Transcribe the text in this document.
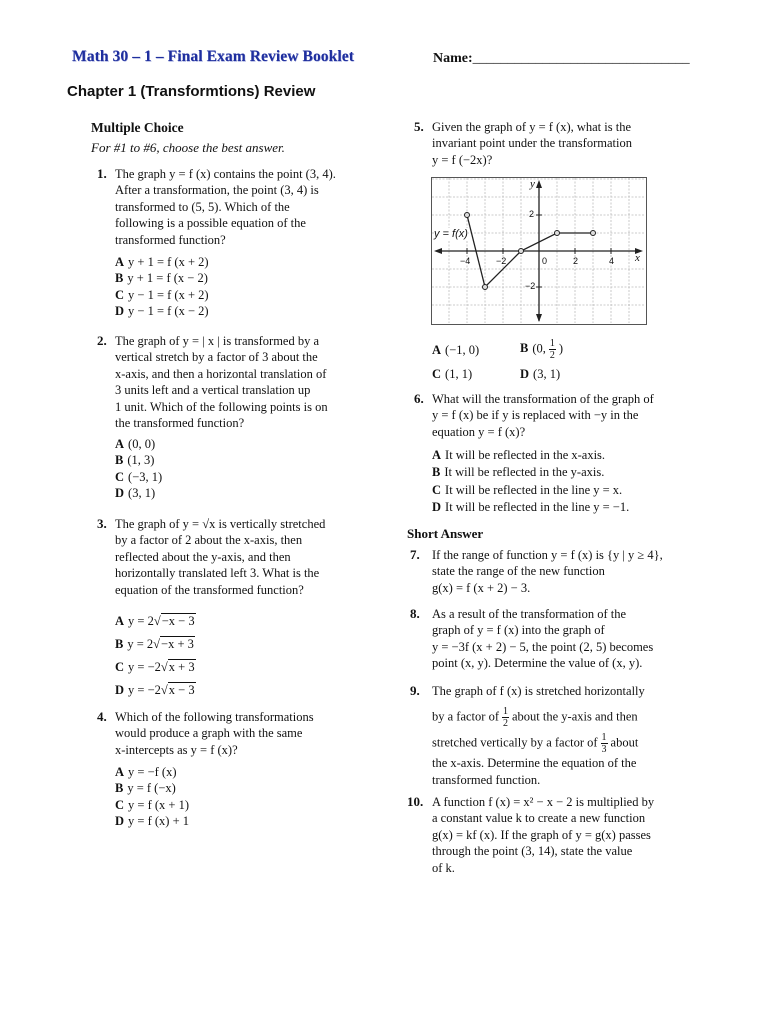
Math 30 – 1 – Final Exam Review Booklet	Name:_______________________________
Chapter 1 (Transformtions) Review
Multiple Choice
For #1 to #6, choose the best answer.
1. The graph y = f (x) contains the point (3, 4).
After a transformation, the point (3, 4) is
transformed to (5, 5). Which of the
following is a possible equation of the
transformed function?
A y + 1 = f (x + 2)
B y + 1 = f (x − 2)
C y − 1 = f (x + 2)
D y − 1 = f (x − 2)
2. The graph of y = | x | is transformed by a
vertical stretch by a factor of 3 about the
x-axis, and then a horizontal translation of
3 units left and a vertical translation up
1 unit. Which of the following points is on
the transformed function?
A (0, 0)
B (1, 3)
C (−3, 1)
D (3, 1)
3. The graph of y = √x is vertically stretched
by a factor of 2 about the x-axis, then
reflected about the y-axis, and then
horizontally translated left 3. What is the
equation of the transformed function?
A y = 2√−x − 3
B y = 2√−x + 3
C y = −2√x + 3
D y = −2√x − 3
4. Which of the following transformations
would produce a graph with the same
x-intercepts as y = f (x)?
A y = −f (x)
B y = f (−x)
C y = f (x + 1)
D y = f (x) + 1
5. Given the graph of y = f (x), what is the
invariant point under the transformation
y = f (−2x)?
y = f(x)
y
x
−4	−2	0	2	4
2
−2
A (−1, 0)	B (0, $\frac{1}{2}$ )
C (1, 1)	D (3, 1)
6. What will the transformation of the graph of
y = f (x) be if y is replaced with −y in the
equation y = f (x)?
A It will be reflected in the x-axis.
B It will be reflected in the y-axis.
C It will be reflected in the line y = x.
D It will be reflected in the line y = −1.
Short Answer
7. If the range of function y = f (x) is {y | y ≥ 4},
state the range of the new function
g(x) = f (x + 2) − 3.
8. As a result of the transformation of the
graph of y = f (x) into the graph of
y = −3f (x + 2) − 5, the point (2, 5) becomes
point (x, y). Determine the value of (x, y).
9. The graph of f (x) is stretched horizontally
by a factor of $\frac{1}{2}$ about the y-axis and then
stretched vertically by a factor of $\frac{1}{3}$ about
the x-axis. Determine the equation of the
transformed function.
10. A function f (x) = x² − x − 2 is multiplied by
a constant value k to create a new function
g(x) = kf (x). If the graph of y = g(x) passes
through the point (3, 14), state the value
of k.
